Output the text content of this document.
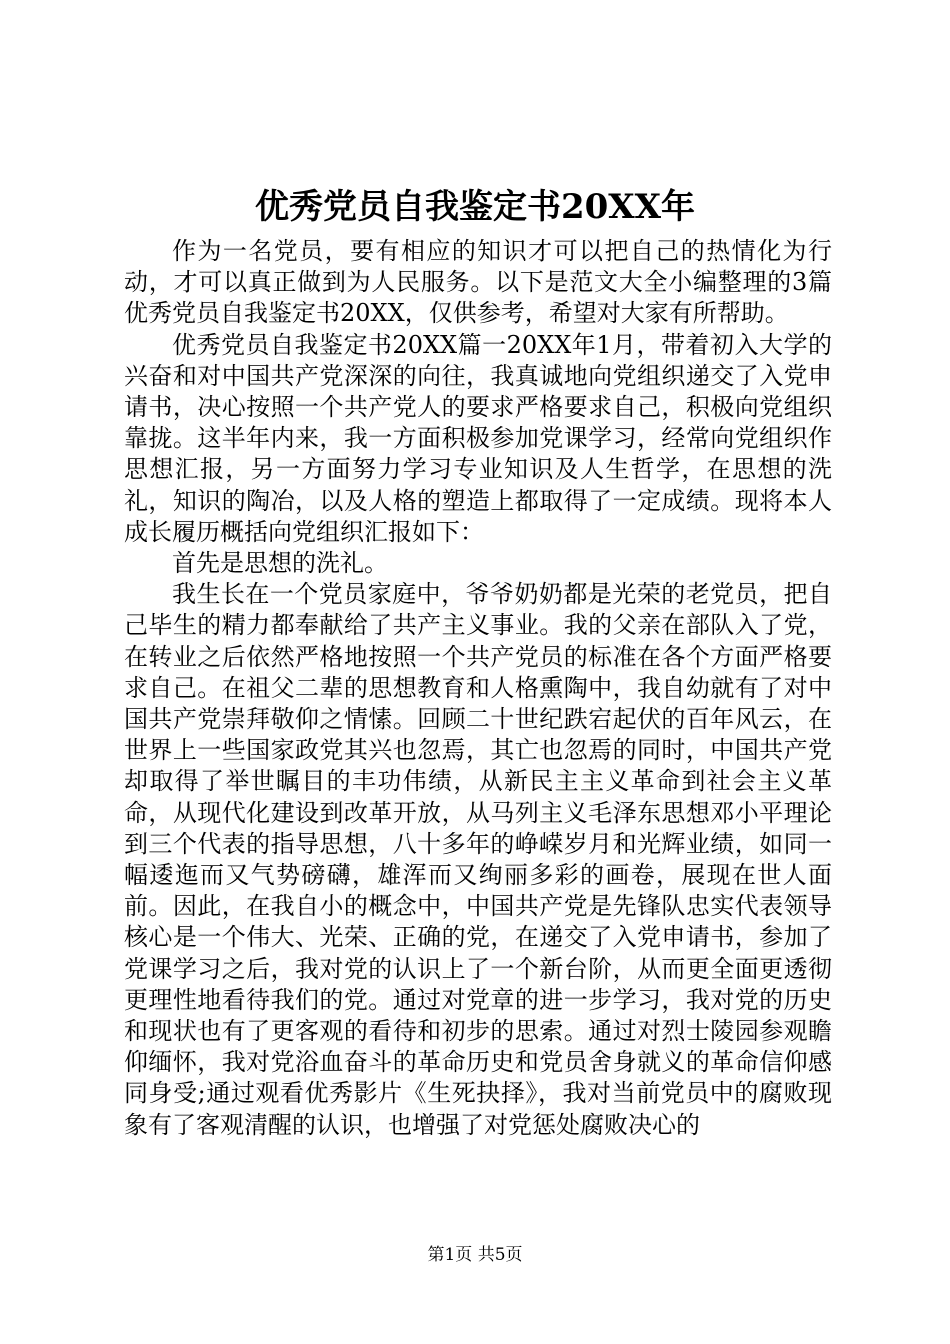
优秀党员自我鉴定书20XX年

作为一名党员，要有相应的知识才可以把自己的热情化为行动，才可以真正做到为人民服务。以下是范文大全小编整理的3篇优秀党员自我鉴定书20XX，仅供参考，希望对大家有所帮助。

优秀党员自我鉴定书20XX篇一20XX年1月，带着初入大学的兴奋和对中国共产党深深的向往，我真诚地向党组织递交了入党申请书，决心按照一个共产党人的要求严格要求自己，积极向党组织靠拢。这半年内来，我一方面积极参加党课学习，经常向党组织作思想汇报，另一方面努力学习专业知识及人生哲学，在思想的洗礼，知识的陶冶，以及人格的塑造上都取得了一定成绩。现将本人成长履历概括向党组织汇报如下：

首先是思想的洗礼。

我生长在一个党员家庭中，爷爷奶奶都是光荣的老党员，把自己毕生的精力都奉献给了共产主义事业。我的父亲在部队入了党，在转业之后依然严格地按照一个共产党员的标准在各个方面严格要求自己。在祖父二辈的思想教育和人格熏陶中，我自幼就有了对中国共产党崇拜敬仰之情愫。回顾二十世纪跌宕起伏的百年风云，在世界上一些国家政党其兴也忽焉，其亡也忽焉的同时，中国共产党却取得了举世瞩目的丰功伟绩，从新民主主义革命到社会主义革命，从现代化建设到改革开放，从马列主义毛泽东思想邓小平理论到三个代表的指导思想，八十多年的峥嵘岁月和光辉业绩，如同一幅逶迤而又气势磅礴，雄浑而又绚丽多彩的画卷，展现在世人面前。因此，在我自小的概念中，中国共产党是先锋队忠实代表领导核心是一个伟大、光荣、正确的党，在递交了入党申请书，参加了党课学习之后，我对党的认识上了一个新台阶，从而更全面更透彻更理性地看待我们的党。通过对党章的进一步学习，我对党的历史和现状也有了更客观的看待和初步的思索。通过对烈士陵园参观瞻仰缅怀，我对党浴血奋斗的革命历史和党员舍身就义的革命信仰感同身受;通过观看优秀影片《生死抉择》，我对当前党员中的腐败现象有了客观清醒的认识，也增强了对党惩处腐败决心的

第1页 共5页
